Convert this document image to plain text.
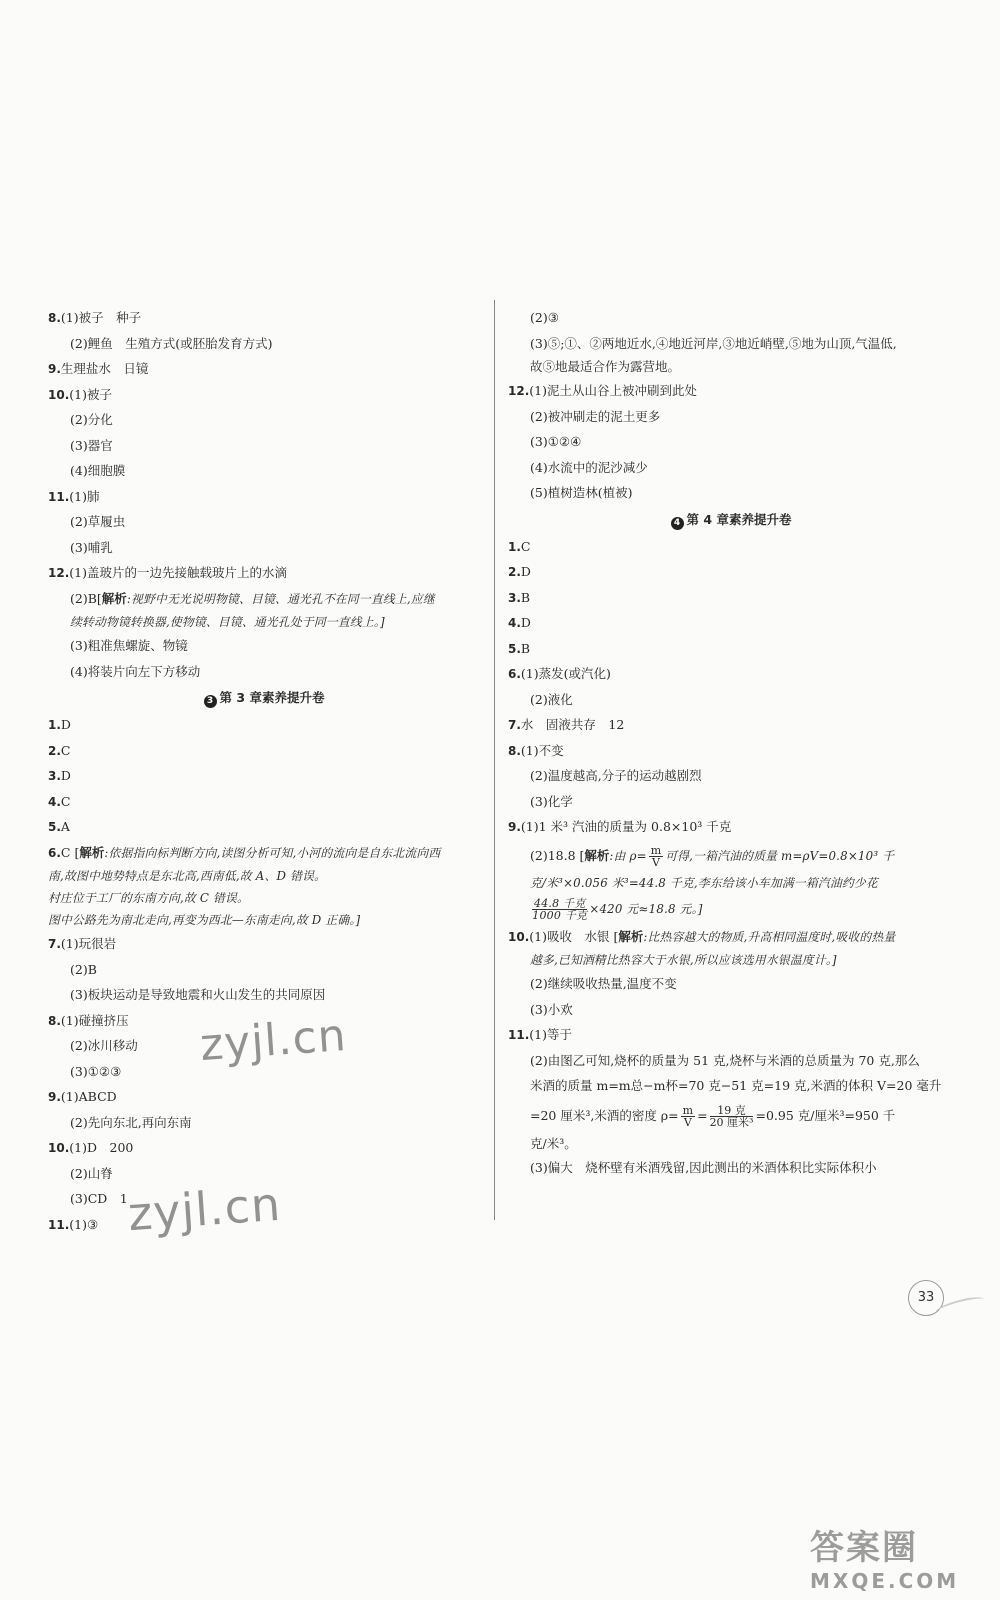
8.(1)被子　种子
(2)鲤鱼　生殖方式(或胚胎发育方式)
9.生理盐水　日镜
10.(1)被子
(2)分化
(3)器官
(4)细胞膜
11.(1)肺
(2)草履虫
(3)哺乳
12.(1)盖玻片的一边先接触载玻片上的水滴
(2)B[解析:视野中无光说明物镜、目镜、通光孔不在同一直线上,应继
续转动物镜转换器,使物镜、目镜、通光孔处于同一直线上。]
(3)粗准焦螺旋、物镜
(4)将装片向左下方移动
3 第 3 章素养提升卷
1.D
2.C
3.D
4.C
5.A
6.C [解析:依据指向标判断方向,读图分析可知,小河的流向是自东北流向西
南,故图中地势特点是东北高,西南低,故 A、D 错误。
村庄位于工厂的东南方向,故 C 错误。
图中公路先为南北走向,再变为西北—东南走向,故 D 正确。]
7.(1)玩很岩
(2)B
(3)板块运动是导致地震和火山发生的共同原因
8.(1)碰撞挤压
(2)冰川移动
(3)①②③
9.(1)ABCD
(2)先向东北,再向东南
10.(1)D　200
(2)山脊
(3)CD　1
11.(1)③
(2)③
(3)⑤;①、②两地近水,④地近河岸,③地近峭壁,⑤地为山顶,气温低,
故⑤地最适合作为露营地。
12.(1)泥土从山谷上被冲刷到此处
(2)被冲刷走的泥土更多
(3)①②④
(4)水流中的泥沙减少
(5)植树造林(植被)
4 第 4 章素养提升卷
1.C
2.D
3.B
4.D
5.B
6.(1)蒸发(或汽化)
(2)液化
7.水　固液共存　12
8.(1)不变
(2)温度越高,分子的运动越剧烈
(3)化学
9.(1)1 米³ 汽油的质量为 0.8×10³ 千克
(2)18.8 [解析:由 $\rho= \frac{m}{V}$ 可得,一箱汽油的质量 m=ρV=0.8×10³ 千
克/米³×0.056 米³=44.8 千克,李东给该小车加满一箱汽油约少花
$\frac{\text{44.8 千克}}{\text{1000 千克}} \times 420$ 元≈18.8 元。]
10.(1)吸收　水银 [解析:比热容越大的物质,升高相同温度时,吸收的热量
越多,已知酒精比热容大于水银,所以应该选用水银温度计。]
(2)继续吸收热量,温度不变
(3)小欢
11.(1)等于
(2)由图乙可知,烧杯的质量为 51 克,烧杯与米酒的总质量为 70 克,那么
米酒的质量 m=m总−m杯=70 克−51 克=19 克,米酒的体积 V=20 毫升
=20 厘米³,米酒的密度 $\rho= \frac{m}{V} = \frac{\text{19 克}}{\text{20 厘米³}} =0.95$ 克/厘米³=950 千
克/米³。
(3)偏大　烧杯壁有米酒残留,因此测出的米酒体积比实际体积小
zyjl.cn
zyjl.cn
33
答案圈
MXQE.COM
